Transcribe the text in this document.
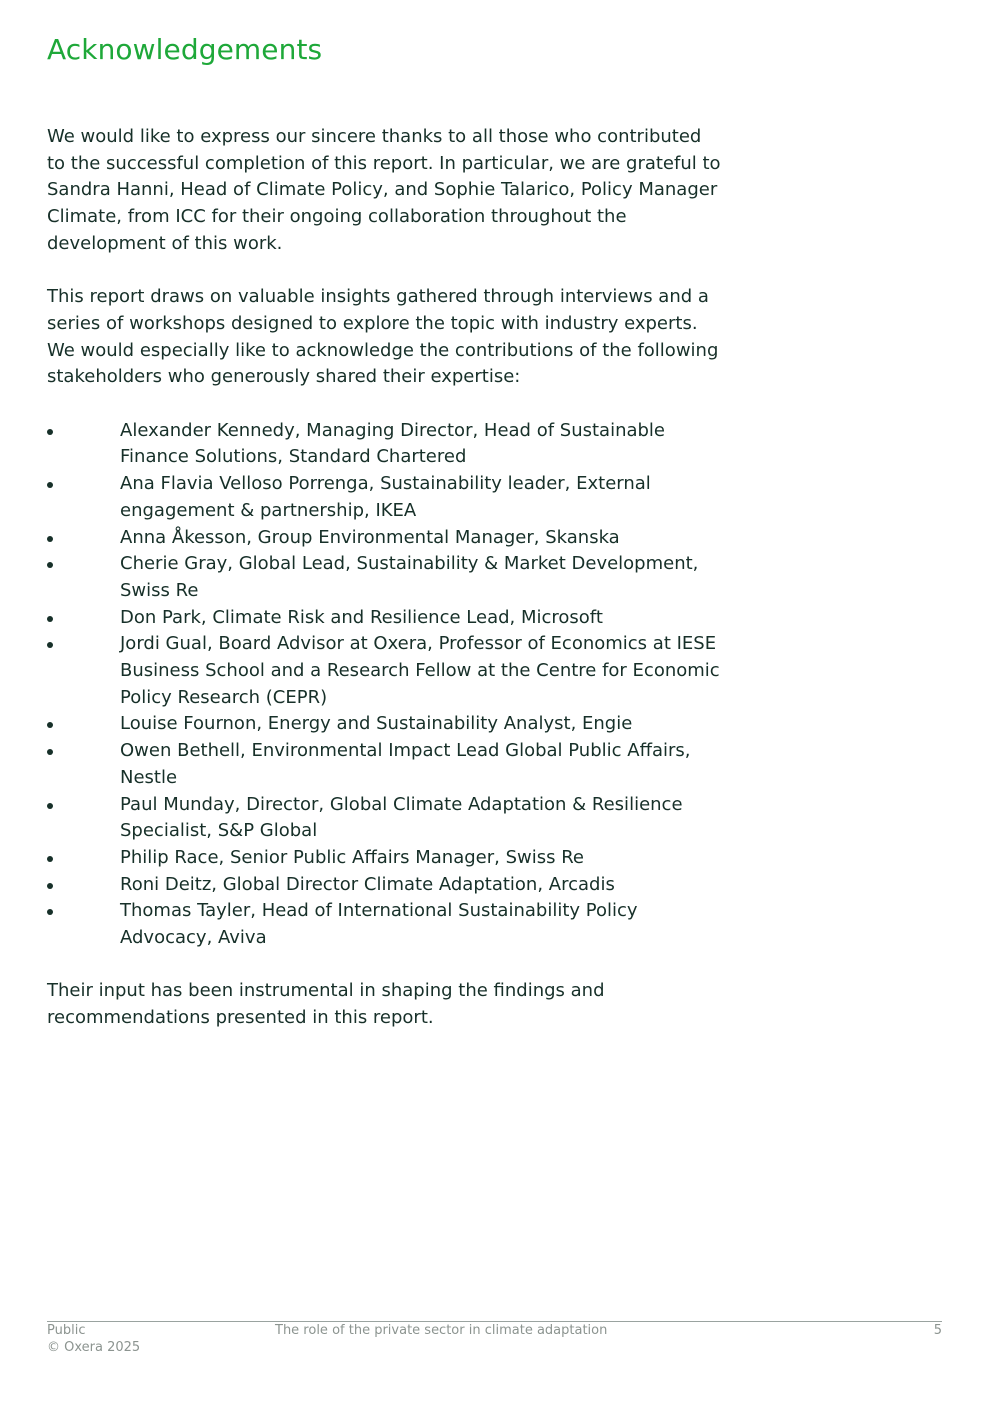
Acknowledgements

We would like to express our sincere thanks to all those who contributed to the successful completion of this report. In particular, we are grateful to Sandra Hanni, Head of Climate Policy, and Sophie Talarico, Policy Manager Climate, from ICC for their ongoing collaboration throughout the development of this work.

This report draws on valuable insights gathered through interviews and a series of workshops designed to explore the topic with industry experts. We would especially like to acknowledge the contributions of the following stakeholders who generously shared their expertise:

Alexander Kennedy, Managing Director, Head of Sustainable Finance Solutions, Standard Chartered
Ana Flavia Velloso Porrenga, Sustainability leader, External engagement & partnership, IKEA
Anna Åkesson, Group Environmental Manager, Skanska
Cherie Gray, Global Lead, Sustainability & Market Development, Swiss Re
Don Park, Climate Risk and Resilience Lead, Microsoft
Jordi Gual, Board Advisor at Oxera, Professor of Economics at IESE Business School and a Research Fellow at the Centre for Economic Policy Research (CEPR)
Louise Fournon, Energy and Sustainability Analyst, Engie
Owen Bethell, Environmental Impact Lead Global Public Affairs, Nestle
Paul Munday, Director, Global Climate Adaptation & Resilience Specialist, S&P Global
Philip Race, Senior Public Affairs Manager, Swiss Re
Roni Deitz, Global Director Climate Adaptation, Arcadis
Thomas Tayler, Head of International Sustainability Policy Advocacy, Aviva

Their input has been instrumental in shaping the findings and recommendations presented in this report.

Public
© Oxera 2025
The role of the private sector in climate adaptation	5
